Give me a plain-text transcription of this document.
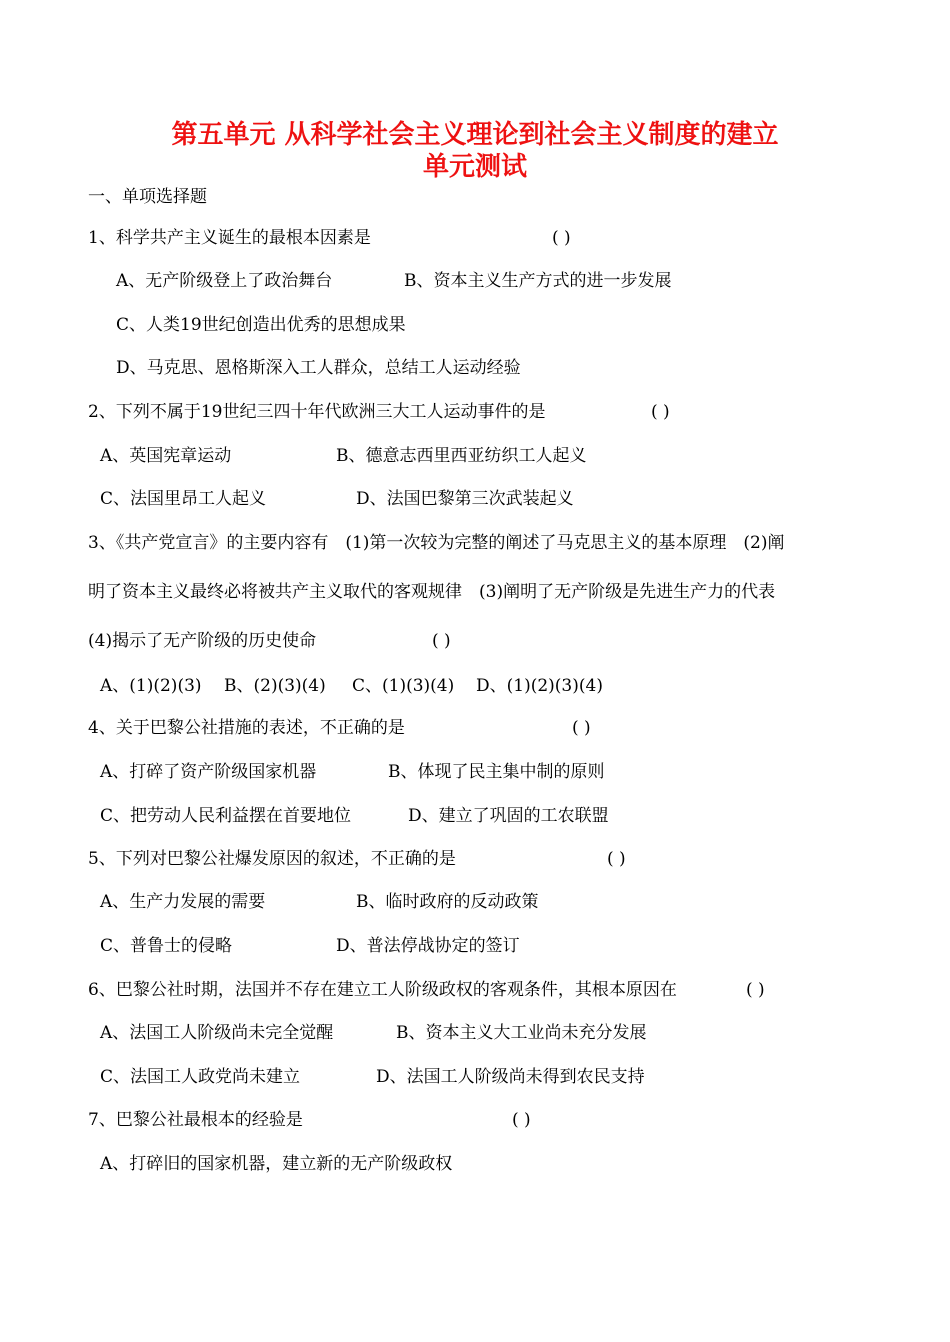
第五单元 从科学社会主义理论到社会主义制度的建立
单元测试
一、单项选择题
1、科学共产主义诞生的最根本因素是	( )
A、无产阶级登上了政治舞台	B、资本主义生产方式的进一步发展
C、人类19世纪创造出优秀的思想成果
D、马克思、恩格斯深入工人群众，总结工人运动经验
2、下列不属于19世纪三四十年代欧洲三大工人运动事件的是	( )
A、英国宪章运动	B、德意志西里西亚纺织工人起义
C、法国里昂工人起义	D、法国巴黎第三次武装起义
3、《共产党宣言》的主要内容有　(1)第一次较为完整的阐述了马克思主义的基本原理　(2)阐
明了资本主义最终必将被共产主义取代的客观规律　(3)阐明了无产阶级是先进生产力的代表
(4)揭示了无产阶级的历史使命	( )
A、(1)(2)(3) B、(2)(3)(4) C、(1)(3)(4) D、(1)(2)(3)(4)
4、关于巴黎公社措施的表述，不正确的是	( )
A、打碎了资产阶级国家机器	B、体现了民主集中制的原则
C、把劳动人民利益摆在首要地位	D、建立了巩固的工农联盟
5、下列对巴黎公社爆发原因的叙述，不正确的是	( )
A、生产力发展的需要	B、临时政府的反动政策
C、普鲁士的侵略	D、普法停战协定的签订
6、巴黎公社时期，法国并不存在建立工人阶级政权的客观条件，其根本原因在	( )
A、法国工人阶级尚未完全觉醒	B、资本主义大工业尚未充分发展
C、法国工人政党尚未建立	D、法国工人阶级尚未得到农民支持
7、巴黎公社最根本的经验是	( )
A、打碎旧的国家机器，建立新的无产阶级政权
